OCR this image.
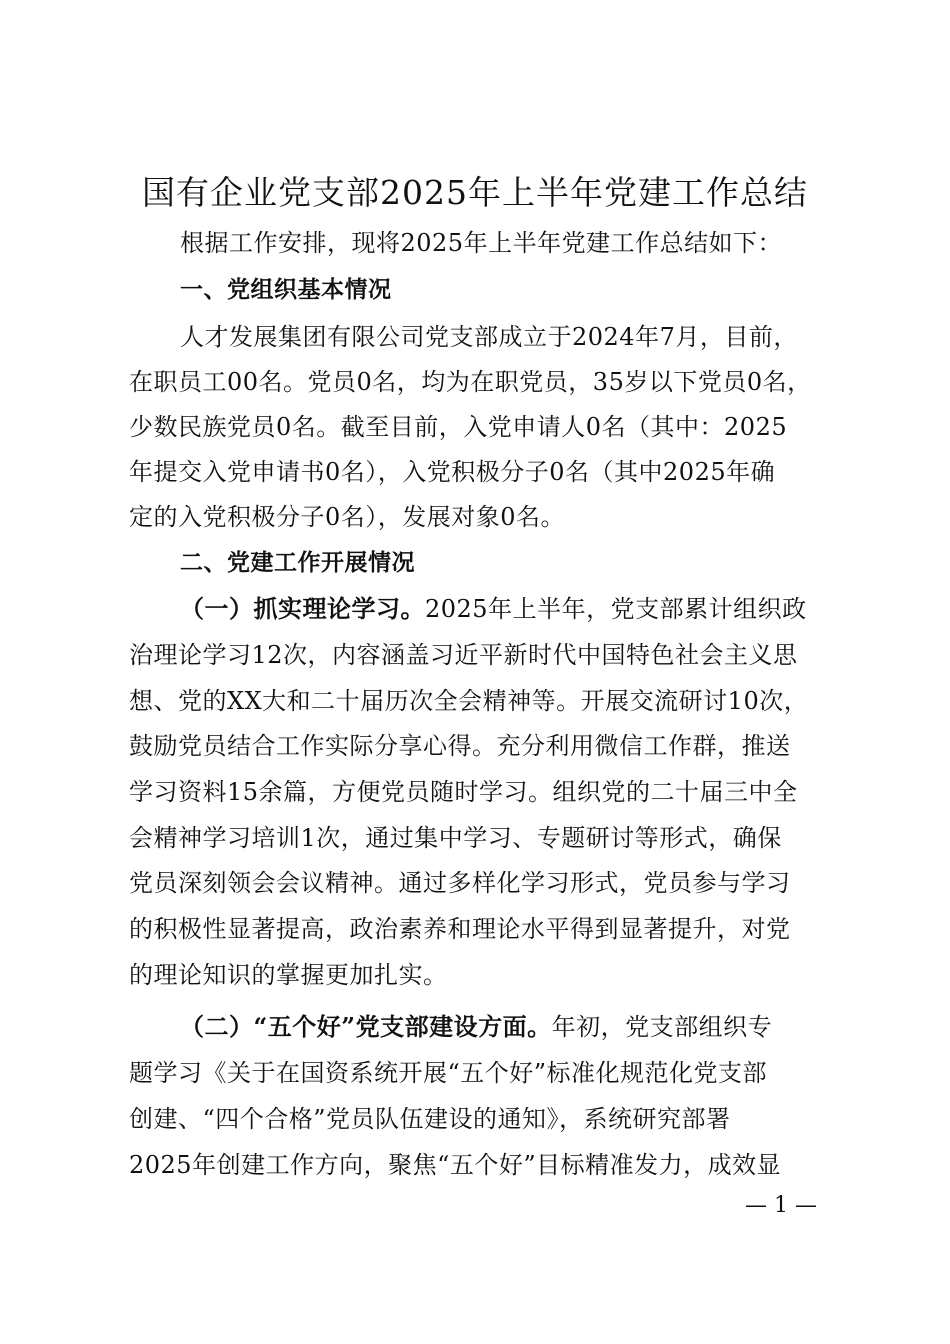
国有企业党支部2025年上半年党建工作总结
根据工作安排，现将2025年上半年党建工作总结如下：
一、党组织基本情况
人才发展集团有限公司党支部成立于2024年7月，目前，
在职员工00名。党员0名，均为在职党员，35岁以下党员0名，
少数民族党员0名。截至目前，入党申请人0名（其中：2025
年提交入党申请书0名），入党积极分子0名（其中2025年确
定的入党积极分子0名），发展对象0名。
二、党建工作开展情况
（一）抓实理论学习。2025年上半年，党支部累计组织政
治理论学习12次，内容涵盖习近平新时代中国特色社会主义思
想、党的XX大和二十届历次全会精神等。开展交流研讨10次，
鼓励党员结合工作实际分享心得。充分利用微信工作群，推送
学习资料15余篇，方便党员随时学习。组织党的二十届三中全
会精神学习培训1次，通过集中学习、专题研讨等形式，确保
党员深刻领会会议精神。通过多样化学习形式，党员参与学习
的积极性显著提高，政治素养和理论水平得到显著提升，对党
的理论知识的掌握更加扎实。
（二）“五个好”党支部建设方面。年初，党支部组织专
题学习《关于在国资系统开展“五个好”标准化规范化党支部
创建、“四个合格”党员队伍建设的通知》，系统研究部署
2025年创建工作方向，聚焦“五个好”目标精准发力，成效显
— 1 —
